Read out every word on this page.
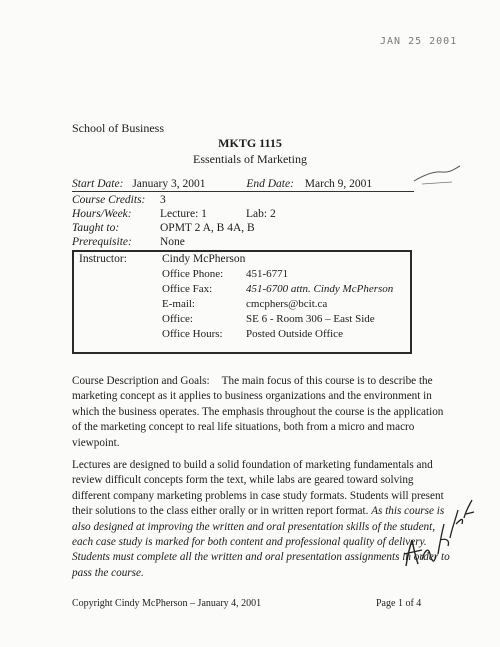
JAN 25 2001
School of Business
MKTG 1115
Essentials of Marketing
Start Date: January 3, 2001	End Date: March 9, 2001
Course Credits: 3
Hours/Week: Lecture: 1	Lab: 2
Taught to:	OPMT 2 A, B 4A, B
Prerequisite: None
Instructor:	Cindy McPherson
Office Phone: 451-6771
Office Fax:	451-6700 attn. Cindy McPherson
E-mail:	cmcphers@bcit.ca
Office:	SE 6 - Room 306 – East Side
Office Hours: Posted Outside Office
Course Description and Goals: The main focus of this course is to describe the marketing concept as it applies to business organizations and the environment in which the business operates. The emphasis throughout the course is the application of the marketing concept to real life situations, both from a micro and macro viewpoint.
Lectures are designed to build a solid foundation of marketing fundamentals and review difficult concepts form the text, while labs are geared toward solving different company marketing problems in case study formats. Students will present their solutions to the class either orally or in written report format. As this course is also designed at improving the written and oral presentation skills of the student, each case study is marked for both content and professional quality of delivery. Students must complete all the written and oral presentation assignments in order to pass the course.
Copyright Cindy McPherson – January 4, 2001	Page 1 of 4
